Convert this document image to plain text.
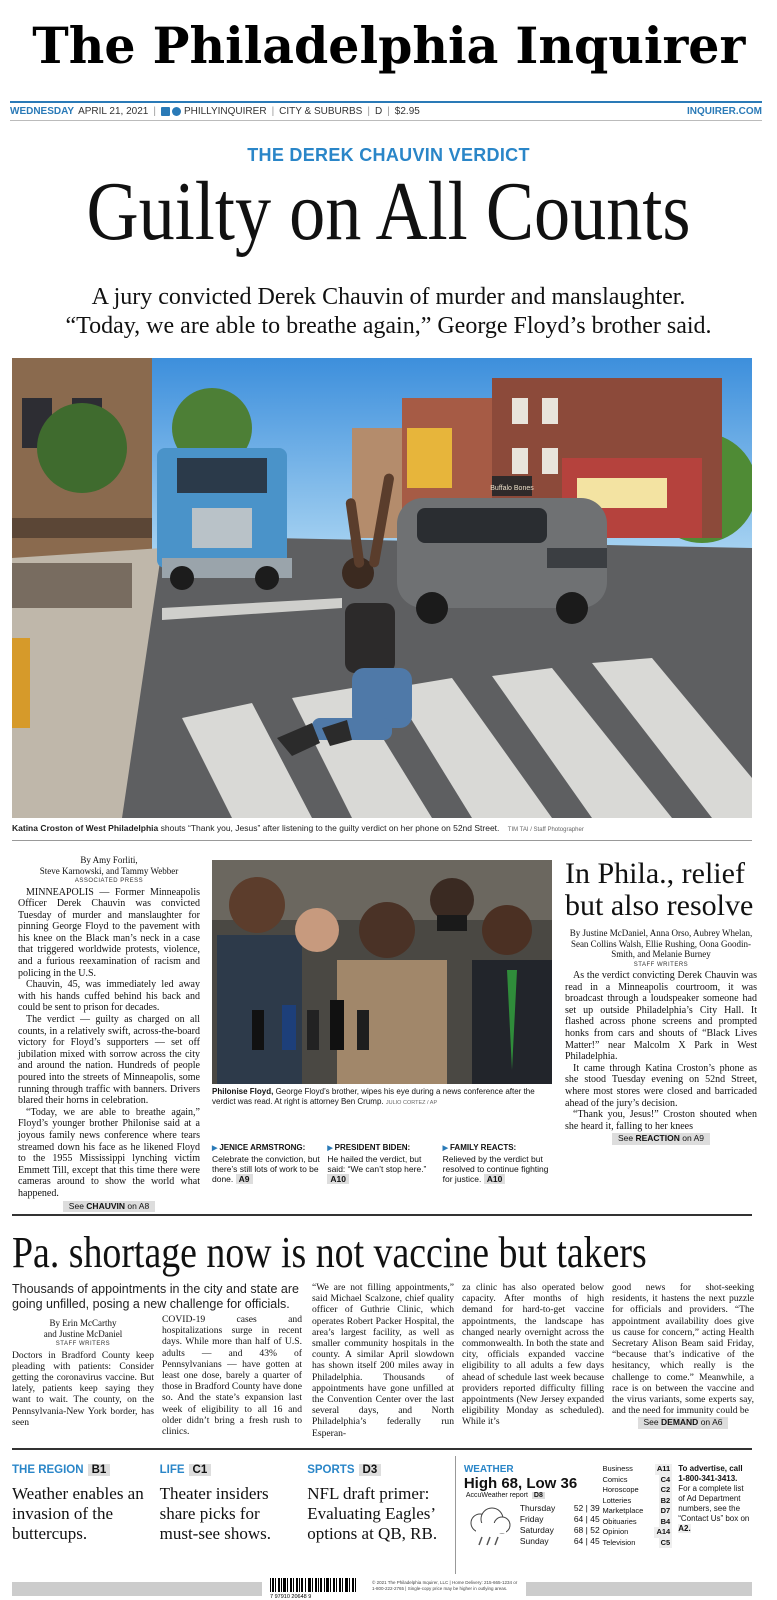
The Philadelphia Inquirer
WEDNESDAY APRIL 21, 2021 |	PHILLYINQUIRER | CITY & SUBURBS | D | $2.95	INQUIRER.COM
THE DEREK CHAUVIN VERDICT
Guilty on All Counts
A jury convicted Derek Chauvin of murder and manslaughter.
“Today, we are able to breathe again,” George Floyd’s brother said.
Buffalo Bones
Katina Croston of West Philadelphia shouts “Thank you, Jesus” after listening to the guilty verdict on her phone on 52nd Street. TIM TAI / Staff Photographer
By Amy Forliti,
Steve Karnowski, and Tammy Webber
ASSOCIATED PRESS

MINNEAPOLIS — Former Minneapolis Officer Derek Chauvin was convicted Tuesday of murder and manslaughter for pinning George Floyd to the pavement with his knee on the Black man’s neck in a case that triggered worldwide protests, violence, and a furious reexamination of racism and policing in the U.S.

Chauvin, 45, was immediately led away with his hands cuffed behind his back and could be sent to prison for decades.

The verdict — guilty as charged on all counts, in a relatively swift, across-the-board victory for Floyd’s supporters — set off jubilation mixed with sorrow across the city and around the nation. Hundreds of people poured into the streets of Minneapolis, some running through traffic with banners. Drivers blared their horns in celebration.

“Today, we are able to breathe again,” Floyd’s younger brother Philonise said at a joyous family news conference where tears streamed down his face as he likened Floyd to the 1955 Mississippi lynching victim Emmett Till, except that this time there were cameras around to show the world what happened.

See CHAUVIN on A8
Philonise Floyd, George Floyd’s brother, wipes his eye during a news conference after the verdict was read. At right is attorney Ben Crump. JULIO CORTEZ / AP
▶ JENICE ARMSTRONG:
Celebrate the conviction, but there’s still lots of work to be done. A9
▶ PRESIDENT BIDEN:
He hailed the verdict, but said: “We can’t stop here.” A10
▶ FAMILY REACTS:
Relieved by the verdict but resolved to continue fighting for justice. A10
In Phila., relief but also resolve
By Justine McDaniel, Anna Orso, Aubrey Whelan, Sean Collins Walsh, Ellie Rushing, Oona Goodin-Smith, and Melanie Burney
STAFF WRITERS

As the verdict convicting Derek Chauvin was read in a Minneapolis courtroom, it was broadcast through a loudspeaker someone had set up outside Philadelphia’s City Hall. It flashed across phone screens and prompted honks from cars and shouts of “Black Lives Matter!” near Malcolm X Park in West Philadelphia.

It came through Katina Croston’s phone as she stood Tuesday evening on 52nd Street, where most stores were closed and barricaded ahead of the jury’s decision.

“Thank you, Jesus!” Croston shouted when she heard it, falling to her knees

See REACTION on A9
Pa. shortage now is not vaccine but takers
Thousands of appointments in the city and state are going unfilled, posing a new challenge for officials.
By Erin McCarthy
and Justine McDaniel
STAFF WRITERS
Doctors in Bradford County keep pleading with patients: Consider getting the coronavirus vaccine. But lately, patients keep saying they want to wait. The county, on the Pennsylvania-New York border, has seen
COVID-19 cases and hospitalizations surge in recent days. While more than half of U.S. adults — and 43% of Pennsylvanians — have gotten at least one dose, barely a quarter of those in Bradford County have done so. And the state’s expansion last week of eligibility to all 16 and older didn’t bring a fresh rush to clinics.
“We are not filling appointments,” said Michael Scalzone, chief quality officer of Guthrie Clinic, which operates Robert Packer Hospital, the area’s largest facility, as well as smaller community hospitals in the county. A similar April slowdown has shown itself 200 miles away in Philadelphia. Thousands of appointments have gone unfilled at the Convention Center over the last several days, and North Philadelphia’s federally run Esperan-
za clinic has also operated below capacity. After months of high demand for hard-to-get vaccine appointments, the landscape has changed nearly overnight across the commonwealth. In both the state and city, officials expanded vaccine eligibility to all adults a few days ahead of schedule last week because providers reported difficulty filling appointments (New Jersey expanded eligibility Monday as scheduled). While it’s
good news for shot-seeking residents, it hastens the next puzzle for officials and providers. “The appointment availability does give us cause for concern,” acting Health Secretary Alison Beam said Friday, “because that’s indicative of the hesitancy, which really is the challenge to come.” Meanwhile, a race is on between the vaccine and the virus variants, some experts say, and the need for immunity could be
See DEMAND on A6
THE REGION B1
Weather enables an invasion of the buttercups.
LIFE C1
Theater insiders share picks for must-see shows.
SPORTS D3
NFL draft primer: Evaluating Eagles’ options at QB, RB.
WEATHER
High 68, Low 36
AccuWeather report D8
Thursday	52 | 39
Friday	64 | 45
Saturday	68 | 52
Sunday	64 | 45
Business	A11
Comics	C4
Horoscope	C2
Lotteries	B2
Marketplace D7
Obituaries	B4
Opinion	A14
Television	C5
To advertise, call
1-800-341-3413.
For a complete list of Ad Department numbers, see the “Contact Us” box on A2.
7 97910 20648 9
© 2021 The Philadelphia Inquirer, LLC | Home Delivery: 215-665-1234 or 1-800-222-2765 | Single-copy price may be higher in outlying areas.
